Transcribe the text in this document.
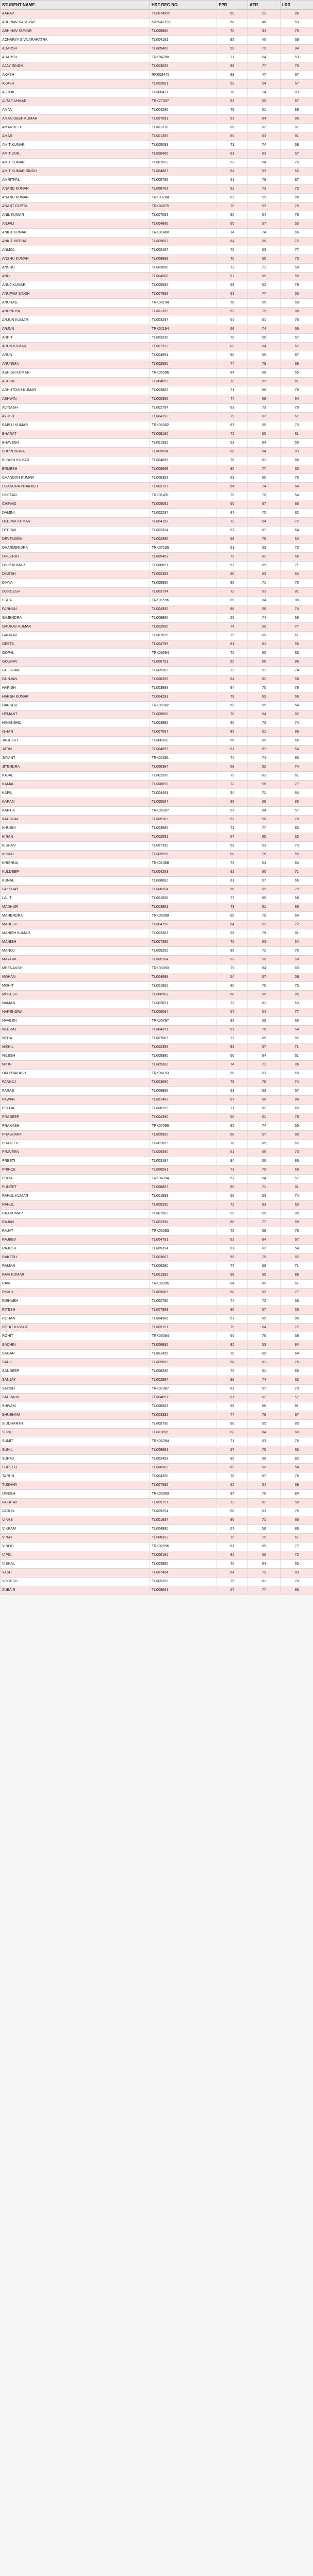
STUDENT NAME	HRF REG NO.	PPR	AFR	LRR
AARAV	TLK074566	69	22	86
ABHINAV KASHYAP	NIRN42188	68	48	53
ABHINAV KUMAR	TLK05880	70	34	75
ACHARYA SIVA ARAPATRA	TLK04181	95	40	69
ADARSH	TLK05469	59	79	84
ADARSH	TRK84280	71	64	53
AJAY SINGH	TLK03638	96	77	73
AKASH	RRK03445	89	47	67
AKASH	TLK02681	52	54	57
ALOOK	TLK00471	76	74	83
ALTAF AHMAD	TRK77007	53	55	67
AMAN	TLK04285	79	61	89
AMAN DEEP KUMAR	TLK07093	53	84	86
AMARDEEP	TLK01378	86	62	81
AMAR	TLK01385	85	63	81
AMIT KUMAR	TLK05093	71	74	68
AMIT JAIN	TLK09466	61	63	57
AMIT KUMAR	TLK07693	52	64	75
AMIT KUMAR SINGH	TLK04887	64	53	62
AMRITPAL	TLK05786	51	78	87
ANAND KUMAR	TLK08763	52	73	73
ANAND KUMAR	TRK03784	83	59	86
ANANT GUPTA	TRK04675	70	53	75
ANIL KUMAR	TLK07093	90	64	79
ANJALI	TLK04886	65	57	53
ANKIT KUMAR	TRK81480	74	74	66
ANKIT MEENA	TLK09087	64	56	72
ANMOL	TLK02487	75	63	77
ANSHU KUMAR	TLK08989	70	55	73
ANSHU	TLK03090	73	71	58
ANU	TLK04588	57	85	55
ANUJ KUMAR	TLK05692	69	62	78
ANUPAM SINGH	TLK07893	61	77	53
ANURAG	TRK08194	76	55	59
ANUPRIYA	TLK01393	63	79	86
ARJUN KUMAR	TLK03297	54	61	76
ARJUN	TRK02194	68	74	66
ARPIT	TLK03290	76	56	57
ARUN KUMAR	TLK07293	83	84	62
ARUN	TLK04891	90	55	87
ARUNIMA	TLK02590	74	79	88
ASHISH KUMAR	TRK06596	84	68	55
ASHOK	TLK04693	78	59	61
ASHUTOSH KUMAR	TLK03885	71	66	78
ASHWIN	TLK05396	74	69	54
AVINASH	TLK02794	63	73	79
AYUSH	TLK04193	79	83	67
BABLU KUMAR	TRK05082	63	55	73
BHARAT	TLK09180	72	65	81
BHAVESH	TLK01592	53	84	55
BHUPENDRA	TLK05094	85	64	83
BIKASH KUMAR	TLK04699	76	61	86
BRIJESH	TLK06689	85	77	53
CHANDAN KUMAR	TLK08393	63	80	76
CHANDRA PRAKASH	TLK03797	64	74	64
CHETAN	TRK01491	76	70	54
CHIRAG	TLK05082	65	67	85
DAMINI	TLK02297	87	75	82
DEEPAK KUMAR	TLK04193	72	54	72
DEEPAK	TLK03394	57	67	64
DEVENDRA	TLK02396	59	75	54
DHARMENDRA	TRK07195	61	53	73
DHEERAJ	TLK05483	79	82	66
DILIP KUMAR	TLK06891	57	69	71
DINESH	TLK02383	60	63	64
DIVYA	TLK05890	85	71	75
DURGESH	TLK03794	72	63	81
ESHA	TRK01596	65	84	80
FARHAN	TLK04392	88	56	74
GAJENDRA	TLK08980	56	74	58
GAURAV KUMAR	TLK02590	74	59	77
GAURAV	TLK07695	79	80	61
GEETA	TLK04799	81	61	55
GOPAL	TRK03694	70	85	63
GOURAV	TLK06791	55	66	86
GULSHAN	TLK05383	73	57	74
GUNJAN	TLK08390	64	82	58
HARISH	TLK03888	84	70	79
HARSH KUMAR	TLK04293	79	63	66
HARSHIT	TRK09982	59	55	54
HEMANT	TLK05890	76	64	82
HIMANSHU	TLK03895	65	73	74
ISHAN	TLK07087	85	51	86
JAGDISH	TLK06390	56	80	66
JATIN	TLK04693	61	67	54
JAYANT	TRK02681	74	74	80
JITENDRA	TLK06384	68	52	74
KAJAL	TLK02390	79	83	61
KAMAL	TLK08093	72	56	77
KAPIL	TLK04491	54	71	64
KARAN	TLK05594	86	69	85
KARTIK	TRK06287	57	64	57
KAUSHAL	TLK09183	83	58	70
KHUSHI	TLK03985	71	77	83
KIRAN	TLK02091	64	85	62
KISHAN	TLK07390	59	53	73
KOMAL	TLK05596	88	76	55
KRISHNA	TRK01388	75	64	84
KULDEEP	TLK04283	62	80	71
KUNAL	TLK06892	81	57	66
LAKSHAY	TLK08394	56	69	79
LALIT	TLK01596	77	85	58
MADHUR	TLK03981	73	61	86
MAHENDRA	TRK06389	66	70	64
MAHESH	TLK04790	84	52	72
MANISH KUMAR	TLK02383	59	79	81
MANISH	TLK07395	70	63	54
MANOJ	TLK05292	86	72	76
MAYANK	TLK09184	63	56	68
MEENAKSHI	TRK03093	75	84	83
MOHAN	TLK04698	54	67	59
MOHIT	TLK01892	80	75	75
MUKESH	TLK08583	68	60	85
NAMAN	TLK02691	72	81	63
NARENDRA	TLK06094	57	54	77
NAVEEN	TRK05787	85	69	66
NEERAJ	TLK04391	61	76	54
NEHA	TLK07683	77	65	82
NIKHIL	TLK02395	83	57	71
NILESH	TLK05990	66	84	61
NITIN	TLK09382	74	71	86
OM PRAKASH	TRK04193	58	63	69
PANKAJ	TLK03690	79	78	74
PARAS	TLK06895	63	53	57
PAWAN	TLK01483	87	66	84
POOJA	TLK08292	71	82	65
PRADEEP	TLK04390	56	61	78
PRAKASH	TRK07596	82	74	55
PRASHANT	TLK05982	68	57	80
PRATEEK	TLK02693	76	85	62
PRAVEEN	TLK09390	61	69	73
PREETI	TLK03184	84	56	86
PRINCE	TLK06591	73	79	68
PRIYA	TRK04394	57	64	57
PUNEET	TLK08887	80	71	81
RAHUL KUMAR	TLK01893	66	53	74
RAHUL	TLK05290	72	83	63
RAJ KUMAR	TLK07582	59	66	85
RAJAN	TLK02396	86	77	59
RAJAT	TRK06083	75	58	76
RAJEEV	TLK04791	62	84	67
RAJESH	TLK09394	81	62	54
RAKESH	TLK03687	55	75	82
RAMAN	TLK06290	77	68	71
RAVI KUMAR	TLK01592	69	55	86
RAVI	TRK08395	84	80	61
RINKU	TLK05083	60	63	77
RISHABH	TLK02790	74	72	66
RITESH	TLK07993	86	57	55
ROHAN	TLK04386	57	85	80
ROHIT KUMAR	TLK09191	79	64	72
ROHIT	TRK03584	65	76	58
SACHIN	TLK06892	82	53	84
SAGAR	TLK01495	70	69	64
SAHIL	TLK05683	56	81	75
SANDEEP	TLK08290	75	61	86
SANJAY	TLK02994	88	74	62
SATISH	TRK07387	63	57	73
SAURABH	TLK04091	81	82	57
SHIVAM	TLK06583	59	66	81
SHUBHAM	TLK03392	74	78	67
SIDDHARTH	TLK09790	66	55	85
SONU	TLK01896	83	84	60
SUMIT	TRK05284	71	63	76
SUNIL	TLK08691	57	75	63
SURAJ	TLK02493	85	59	82
SURESH	TLK06982	69	80	54
TARUN	TLK04390	78	67	78
TUSHAR	TLK07595	62	54	69
UMESH	TRK03083	84	76	84
VAIBHAV	TLK05791	73	62	58
VARUN	TLK09294	58	83	75
VIKAS	TLK01687	86	71	66
VIKRAM	TLK04890	67	58	86
VINAY	TLK08393	75	79	61
VINOD	TRK02596	61	65	77
VIPIN	TLK06182	82	56	72
VISHAL	TLK03990	70	84	55
YASH	TLK07494	64	73	83
YOGESH	TLK05283	79	61	70
ZUBAIR	TLK09691	57	77	86
